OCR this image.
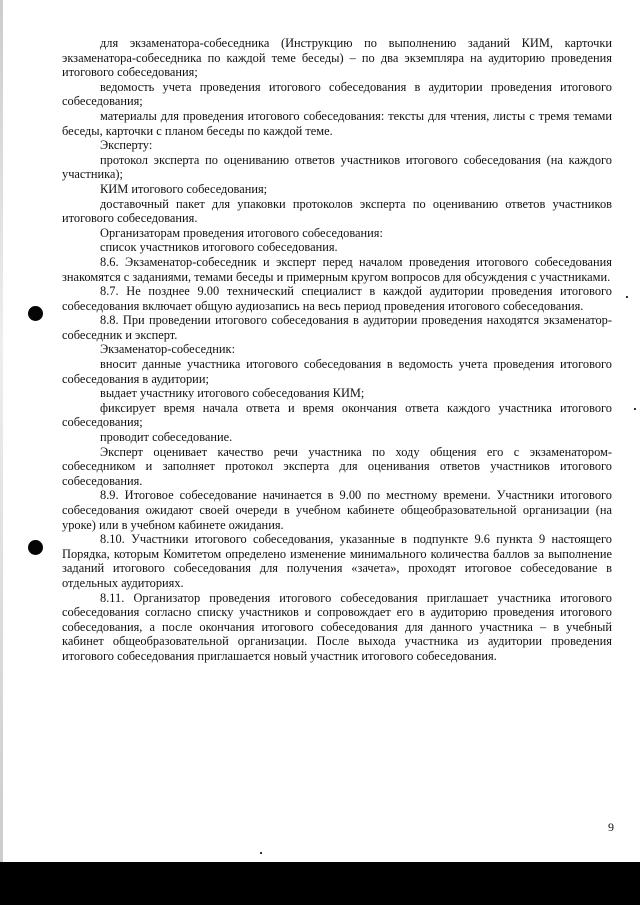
для экзаменатора-собеседника (Инструкцию по выполнению заданий КИМ, карточки экзаменатора-собеседника по каждой теме беседы) – по два экземпляра на аудиторию проведения итогового собеседования;

ведомость учета проведения итогового собеседования в аудитории проведения итогового собеседования;

материалы для проведения итогового собеседования: тексты для чтения, листы с тремя темами беседы, карточки с планом беседы по каждой теме.

Эксперту:

протокол эксперта по оцениванию ответов участников итогового собеседования (на каждого участника);

КИМ итогового собеседования;

доставочный пакет для упаковки протоколов эксперта по оцениванию ответов участников итогового собеседования.

Организаторам проведения итогового собеседования:

список участников итогового собеседования.

8.6. Экзаменатор-собеседник и эксперт перед началом проведения итогового собеседования знакомятся с заданиями, темами беседы и примерным кругом вопросов для обсуждения с участниками.

8.7. Не позднее 9.00 технический специалист в каждой аудитории проведения итогового собеседования включает общую аудиозапись на весь период проведения итогового собеседования.

8.8. При проведении итогового собеседования в аудитории проведения находятся экзаменатор-собеседник и эксперт.

Экзаменатор-собеседник:

вносит данные участника итогового собеседования в ведомость учета проведения итогового собеседования в аудитории;

выдает участнику итогового собеседования КИМ;

фиксирует время начала ответа и время окончания ответа каждого участника итогового собеседования;

проводит собеседование.

Эксперт оценивает качество речи участника по ходу общения его с экзаменатором-собеседником и заполняет протокол эксперта для оценивания ответов участников итогового собеседования.

8.9. Итоговое собеседование начинается в 9.00 по местному времени. Участники итогового собеседования ожидают своей очереди в учебном кабинете общеобразовательной организации (на уроке) или в учебном кабинете ожидания.

8.10. Участники итогового собеседования, указанные в подпункте 9.6 пункта 9 настоящего Порядка, которым Комитетом определено изменение минимального количества баллов за выполнение заданий итогового собеседования для получения «зачета», проходят итоговое собеседование в отдельных аудиториях.

8.11. Организатор проведения итогового собеседования приглашает участника итогового собеседования согласно списку участников и сопровождает его в аудиторию проведения итогового собеседования, а после окончания итогового собеседования для данного участника – в учебный кабинет общеобразовательной организации. После выхода участника из аудитории проведения итогового собеседования приглашается новый участник итогового собеседования.

9
